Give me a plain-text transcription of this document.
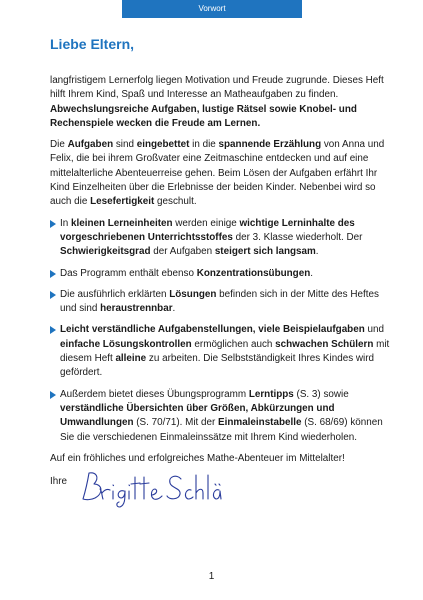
Vorwort
Liebe Eltern,

langfristigem Lernerfolg liegen Motivation und Freude zugrunde. Dieses Heft hilft Ihrem Kind, Spaß und Interesse an Matheaufgaben zu finden. Abwechslungsreiche Aufgaben, lustige Rätsel sowie Knobel- und Rechenspiele wecken die Freude am Lernen.

Die Aufgaben sind eingebettet in die spannende Erzählung von Anna und Felix, die bei ihrem Großvater eine Zeitmaschine entdecken und auf eine mittelalterliche Abenteuerreise gehen. Beim Lösen der Aufgaben erfährt Ihr Kind Einzelheiten über die Erlebnisse der beiden Kinder. Nebenbei wird so auch die Lesefertigkeit geschult.

In kleinen Lerneinheiten werden einige wichtige Lerninhalte des vorgeschriebenen Unterrichtsstoffes der 3. Klasse wiederholt. Der Schwierigkeitsgrad der Aufgaben steigert sich langsam.
Das Programm enthält ebenso Konzentrationsübungen.
Die ausführlich erklärten Lösungen befinden sich in der Mitte des Heftes und sind heraustrennbar.
Leicht verständliche Aufgabenstellungen, viele Beispielaufgaben und einfache Lösungskontrollen ermöglichen auch schwachen Schülern mit diesem Heft alleine zu arbeiten. Die Selbstständigkeit Ihres Kindes wird gefördert.
Außerdem bietet dieses Übungsprogramm Lerntipps (S. 3) sowie verständliche Übersichten über Größen, Abkürzungen und Umwandlungen (S. 70/71). Mit der Einmaleinstabelle (S. 68/69) können Sie die verschiedenen Einmaleinssätze mit Ihrem Kind wiederholen.

Auf ein fröhliches und erfolgreiches Mathe-Abenteuer im Mittelalter!

Ihre
1
